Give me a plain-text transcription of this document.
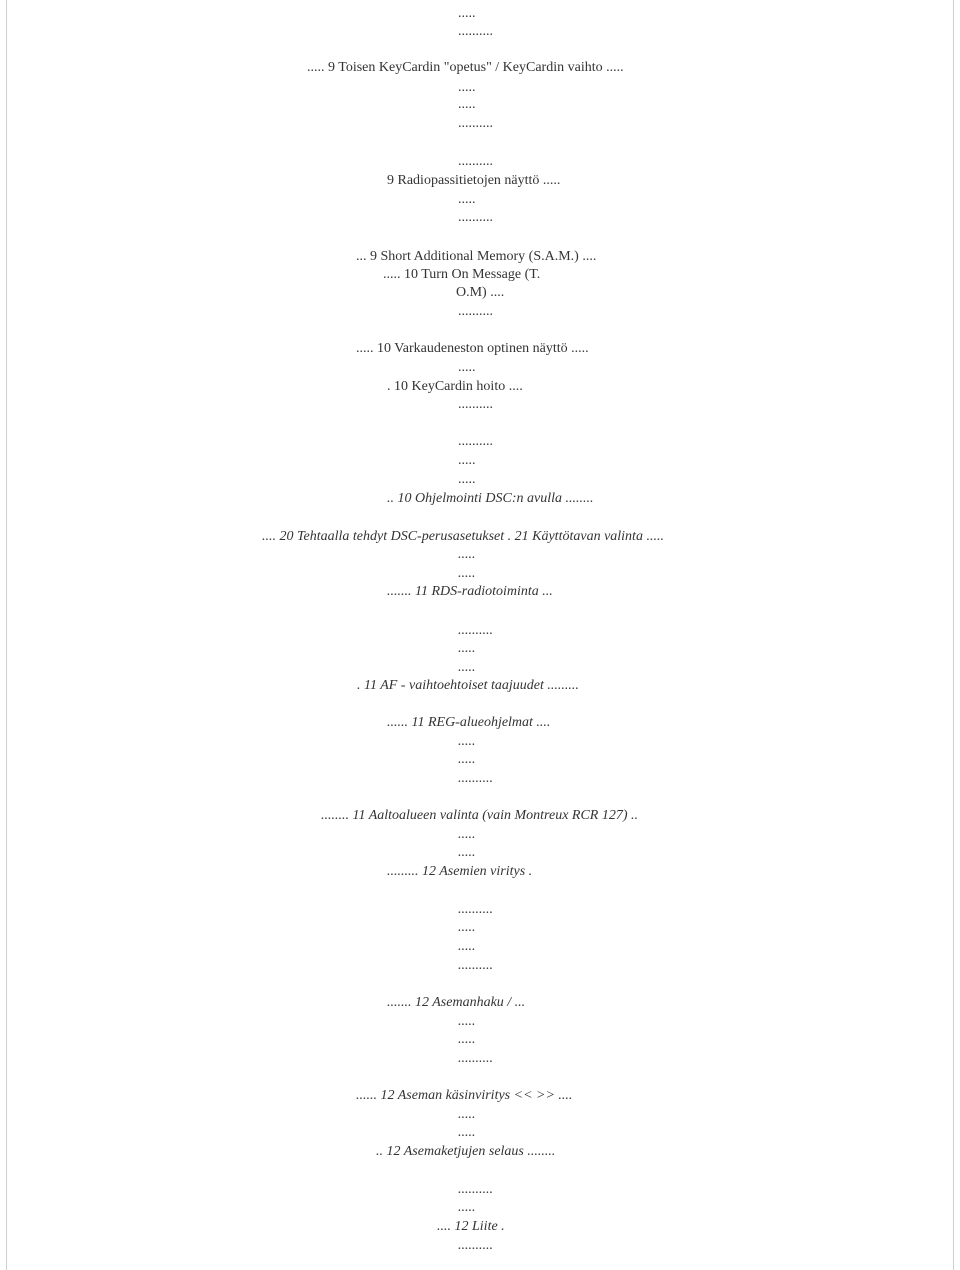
.....
..........
..... 9 Toisen KeyCardin "opetus" / KeyCardin vaihto .....
.....
.....
..........
..........
9 Radiopassitietojen näyttö .....
.....
..........
... 9 Short Additional Memory (S.A.M.) ....
..... 10 Turn On Message (T.
O.M) ....
..........
..... 10 Varkaudeneston optinen näyttö .....
.....
. 10 KeyCardin hoito ....
..........
..........
.....
.....
.. 10 Ohjelmointi DSC:n avulla ........
.... 20 Tehtaalla tehdyt DSC-perusasetukset . 21 Käyttötavan valinta .....
.....
.....
....... 11 RDS-radiotoiminta ...
..........
.....
.....
. 11 AF - vaihtoehtoiset taajuudet .........
...... 11 REG-alueohjelmat ....
.....
.....
..........
........ 11 Aaltoalueen valinta (vain Montreux RCR 127) ..
.....
.....
......... 12 Asemien viritys .
..........
.....
.....
..........
....... 12 Asemanhaku / ...
.....
.....
..........
...... 12 Aseman käsinviritys << >> ....
.....
.....
.. 12 Asemaketjujen selaus ........
..........
.....
.... 12 Liite .
..........
